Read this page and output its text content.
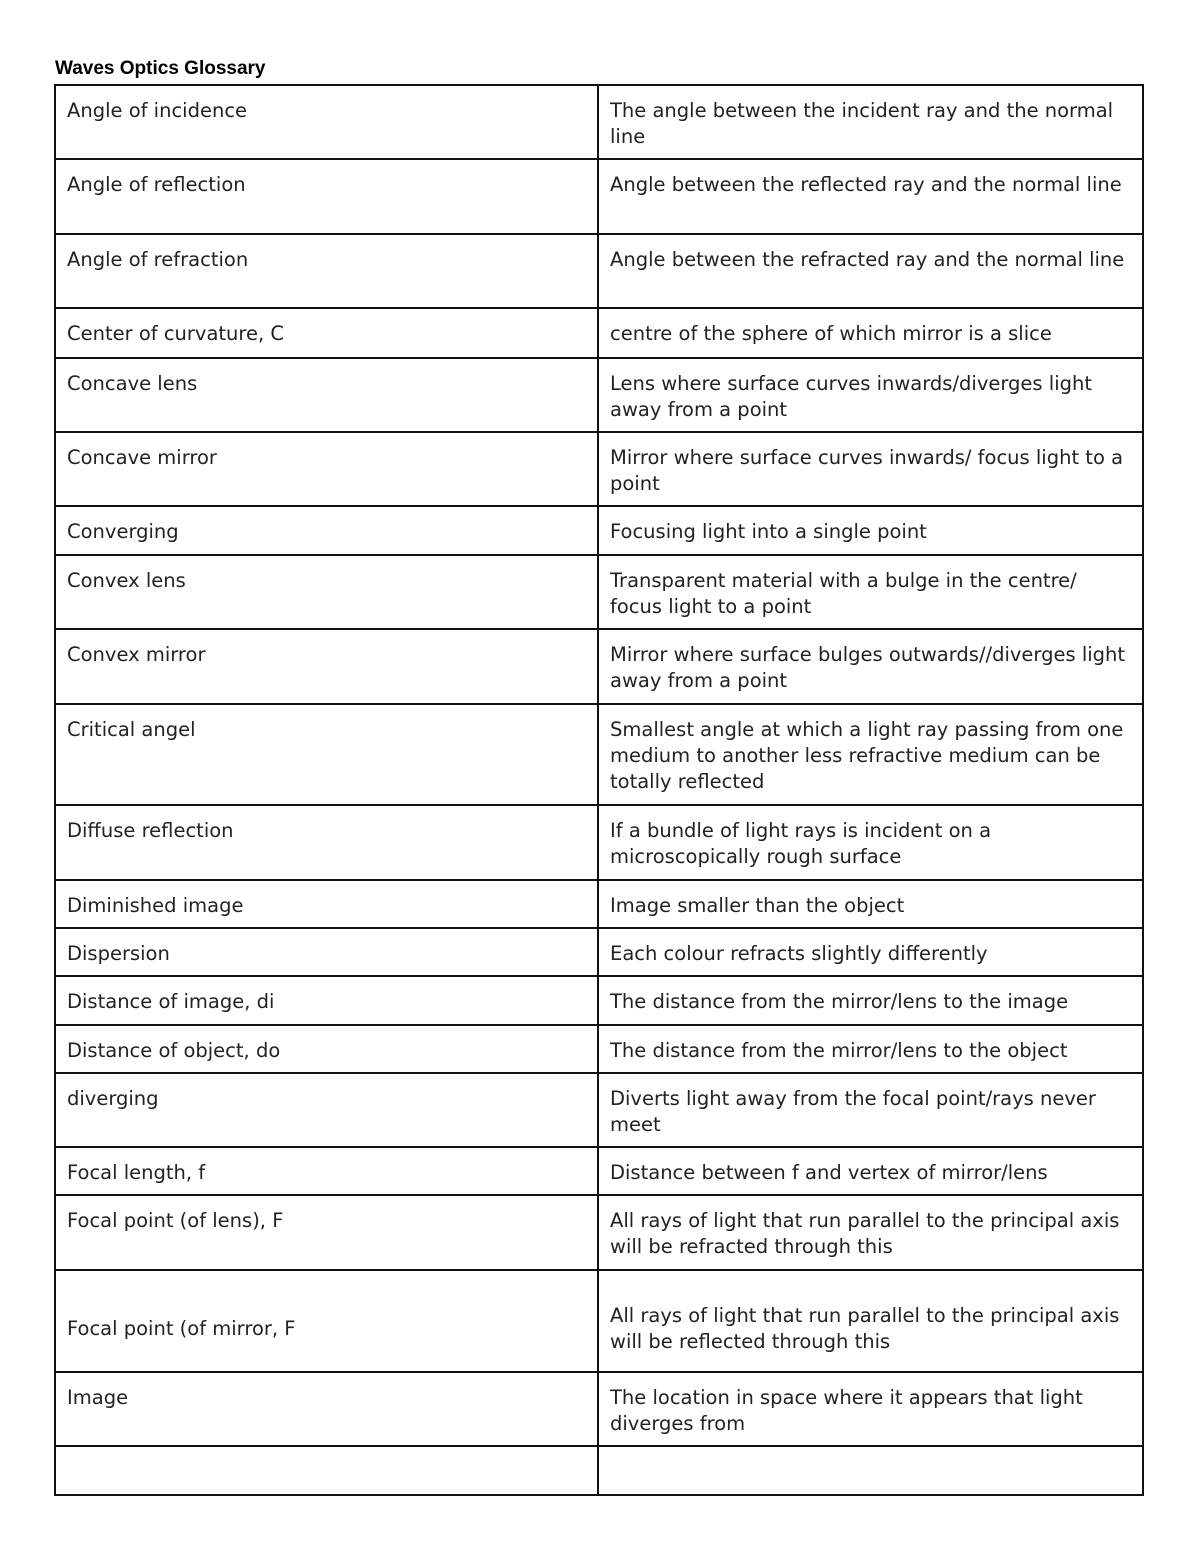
Waves Optics Glossary
Angle of incidence	The angle between the incident ray and the normal line
Angle of reflection	Angle between the reflected ray and the normal line
Angle of refraction	Angle between the refracted ray and the normal line
Center of curvature, C	centre of the sphere of which mirror is a slice
Concave lens	Lens where surface curves inwards/diverges light away from a point
Concave mirror	Mirror where surface curves inwards/ focus light to a point
Converging	Focusing light into a single point
Convex lens	Transparent material with a bulge in the centre/ focus light to a point
Convex mirror	Mirror where surface bulges outwards//diverges light away from a point
Critical angel	Smallest angle at which a light ray passing from one medium to another less refractive medium can be totally reflected
Diffuse reflection	If a bundle of light rays is incident on a microscopically rough surface
Diminished image	Image smaller than the object
Dispersion	Each colour refracts slightly differently
Distance of image, di	The distance from the mirror/lens to the image
Distance of object, do	The distance from the mirror/lens to the object
diverging	Diverts light away from the focal point/rays never meet
Focal length, f	Distance between f and vertex of mirror/lens
Focal point (of lens), F	All rays of light that run parallel to the principal axis will be refracted through this
Focal point (of mirror, F	All rays of light that run parallel to the principal axis will be reflected through this
Image	The location in space where it appears that light diverges from
